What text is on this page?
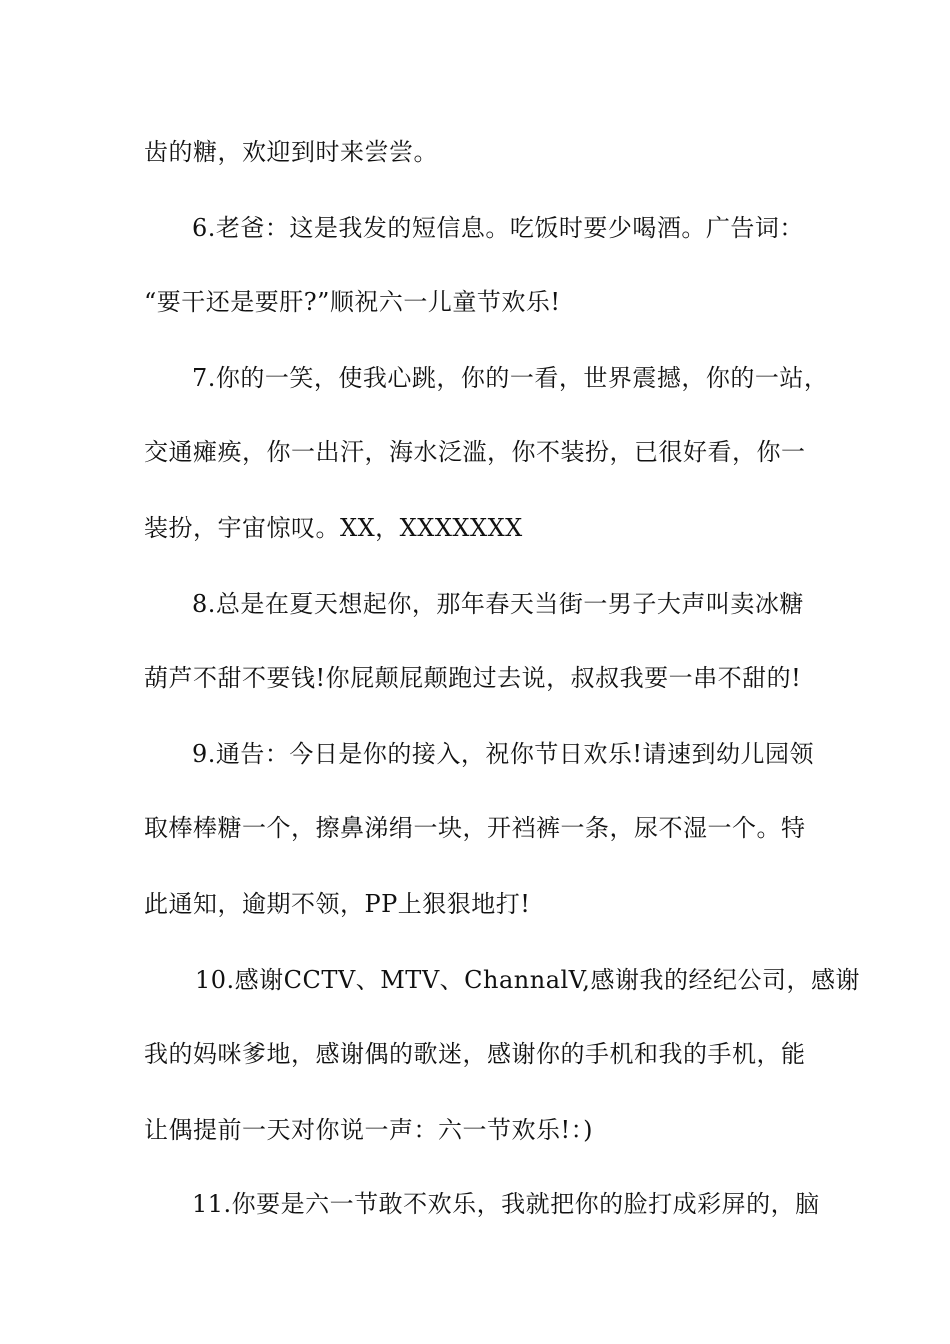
齿的糖，欢迎到时来尝尝。
6.老爸：这是我发的短信息。吃饭时要少喝酒。广告词：
“要干还是要肝?”顺祝六一儿童节欢乐!
7.你的一笑，使我心跳，你的一看，世界震撼，你的一站，
交通瘫痪，你一出汗，海水泛滥，你不装扮，已很好看，你一
装扮，宇宙惊叹。XX，XXXXXXX
8.总是在夏天想起你，那年春天当街一男子大声叫卖冰糖
葫芦不甜不要钱!你屁颠屁颠跑过去说，叔叔我要一串不甜的!
9.通告：今日是你的接入，祝你节日欢乐!请速到幼儿园领
取棒棒糖一个，擦鼻涕绢一块，开裆裤一条，尿不湿一个。特
此通知，逾期不领，PP上狠狠地打!
10.感谢CCTV、MTV、ChannalV,感谢我的经纪公司，感谢
我的妈咪爹地，感谢偶的歌迷，感谢你的手机和我的手机，能
让偶提前一天对你说一声：六一节欢乐!：)
11.你要是六一节敢不欢乐，我就把你的脸打成彩屏的，脑
